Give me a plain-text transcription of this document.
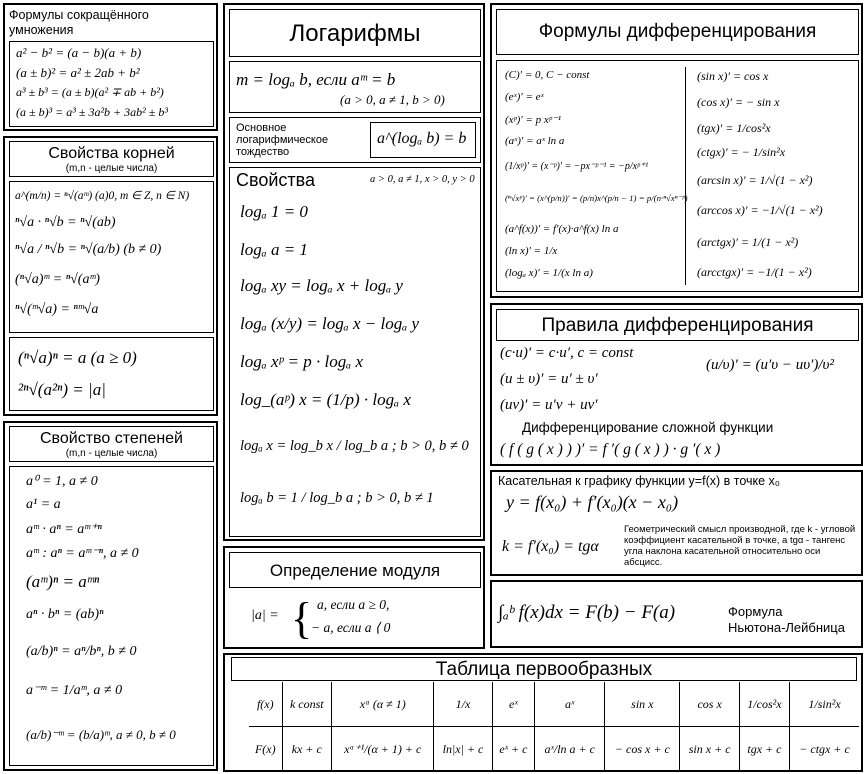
Формулы сокращённого умножения
a² − b² = (a − b)(a + b)
(a ± b)² = a² ± 2ab + b²
a³ ± b³ = (a ± b)(a² ∓ ab + b²)
(a ± b)³ = a³ ± 3a²b + 3ab² ± b³
Свойства корней
(m,n - целые числа)
a^(m/n) = ⁿ√(aᵐ) (a)0, m ∈ Z, n ∈ N)
ⁿ√a · ⁿ√b = ⁿ√(ab)
ⁿ√a / ⁿ√b = ⁿ√(a/b) (b ≠ 0)
(ⁿ√a)ᵐ = ⁿ√(aᵐ)
ⁿ√(ᵐ√a) = ⁿᵐ√a
(ⁿ√a)ⁿ = a (a ≥ 0)
²ⁿ√(a²ⁿ) = |a|
Свойство степеней
(m,n - целые числа)
a⁰ = 1, a ≠ 0
a¹ = a
aᵐ · aⁿ = aᵐ⁺ⁿ
aᵐ : aⁿ = aᵐ⁻ⁿ, a ≠ 0
(aᵐ)ⁿ = aᵐⁿ
aⁿ · bⁿ = (ab)ⁿ
(a/b)ⁿ = aⁿ/bⁿ, b ≠ 0
a⁻ᵐ = 1/aᵐ, a ≠ 0
(a/b)⁻ᵐ = (b/a)ᵐ, a ≠ 0, b ≠ 0
Логарифмы
m = logₐ b, если aᵐ = b
(a > 0, a ≠ 1, b > 0)
Основное логарифмическое тождество
a^(logₐ b) = b
Свойства	a > 0, a ≠ 1, x > 0, y > 0
logₐ 1 = 0
logₐ a = 1
logₐ xy = logₐ x + logₐ y
logₐ (x/y) = logₐ x − logₐ y
logₐ xᵖ = p · logₐ x
log_(aᵖ) x = (1/p) · logₐ x
logₐ x = log_b x / log_b a ; b > 0, b ≠ 0
logₐ b = 1 / log_b a ; b > 0, b ≠ 1
Определение модуля
|a| = { a, если a ≥ 0,
− a, если a ⟨ 0
Формулы дифференцирования
(C)′ = 0, C − const
(eˣ)′ = eˣ
(xᵖ)′ = p xᵖ⁻¹
(aˣ)′ = aˣ ln a
(1/xᵖ)′ = (x⁻ᵖ)′ = −px⁻ᵖ⁻¹ = −p/xᵖ⁺¹
(ⁿ√xᵖ)′ = (x^(p/n))′ = (p/n)x^(p/n − 1) = p/(n·ⁿ√xⁿ⁻ᵖ)
(a^f(x))′ = f′(x)·a^f(x) ln a
(ln x)′ = 1/x
(logₐ x)′ = 1/(x ln a)
(sin x)′ = cos x
(cos x)′ = − sin x
(tgx)′ = 1/cos²x
(ctgx)′ = − 1/sin²x
(arcsin x)′ = 1/√(1 − x²)
(arccos x)′ = −1/√(1 − x²)
(arctgx)′ = 1/(1 − x²)
(arcctgx)′ = −1/(1 − x²)
Правила дифференцирования
(c·u)′ = c·u′, c = const
(u ± υ)′ = u′ ± υ′
(uv)′ = u′v + uv′
(u/υ)′ = (u′υ − uυ′)/υ²
Дифференцирование сложной функции
( f ( g ( x ) ) )′ = f ′( g ( x ) ) · g ′( x )
Касательная к графику функции y=f(x) в точке x₀
y = f(x₀) + f′(x₀)(x − x₀)
k = f′(x₀) = tgα
Геометрический смысл производной, где k - угловой коэффициент касательной в точке, а tgα - тангенс угла наклона касательной относительно оси абсцисс.
∫ₐᵇ f(x)dx = F(b) − F(a)	Формула
Ньютона-Лейбница
Таблица первообразных
f(x)	k const	xᵅ (α ≠ 1)	1/x	eˣ	aˣ	sin x	cos x	1/cos²x	1/sin²x
F(x)	kx + c	xᵅ⁺¹/(α + 1) + c	ln|x| + c	eˣ + c	aˣ/ln a + c	− cos x + c	sin x + c	tgx + c	− ctgx + c
